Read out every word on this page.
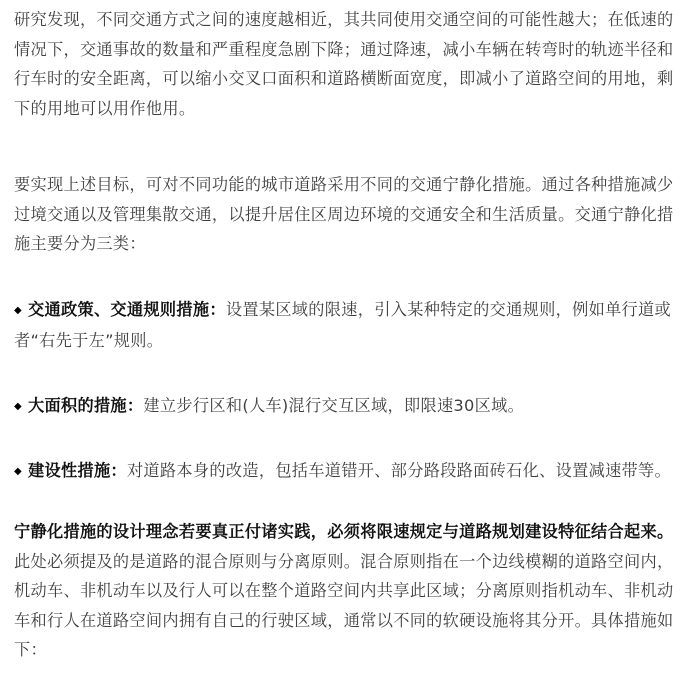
研究发现，不同交通方式之间的速度越相近，其共同使用交通空间的可能性越大；在低速的情况下，交通事故的数量和严重程度急剧下降；通过降速，减小车辆在转弯时的轨迹半径和行车时的安全距离，可以缩小交叉口面积和道路横断面宽度，即减小了道路空间的用地，剩下的用地可以用作他用。

要实现上述目标，可对不同功能的城市道路采用不同的交通宁静化措施。通过各种措施减少过境交通以及管理集散交通，以提升居住区周边环境的交通安全和生活质量。交通宁静化措施主要分为三类：

◆ 交通政策、交通规则措施：设置某区域的限速，引入某种特定的交通规则，例如单行道或者“右先于左”规则。

◆ 大面积的措施：建立步行区和(人车)混行交互区域，即限速30区域。

◆ 建设性措施：对道路本身的改造，包括车道错开、部分路段路面砖石化、设置减速带等。

宁静化措施的设计理念若要真正付诸实践，必须将限速规定与道路规划建设特征结合起来。此处必须提及的是道路的混合原则与分离原则。混合原则指在一个边线模糊的道路空间内，机动车、非机动车以及行人可以在整个道路空间内共享此区域；分离原则指机动车、非机动车和行人在道路空间内拥有自己的行驶区域，通常以不同的软硬设施将其分开。具体措施如下：
